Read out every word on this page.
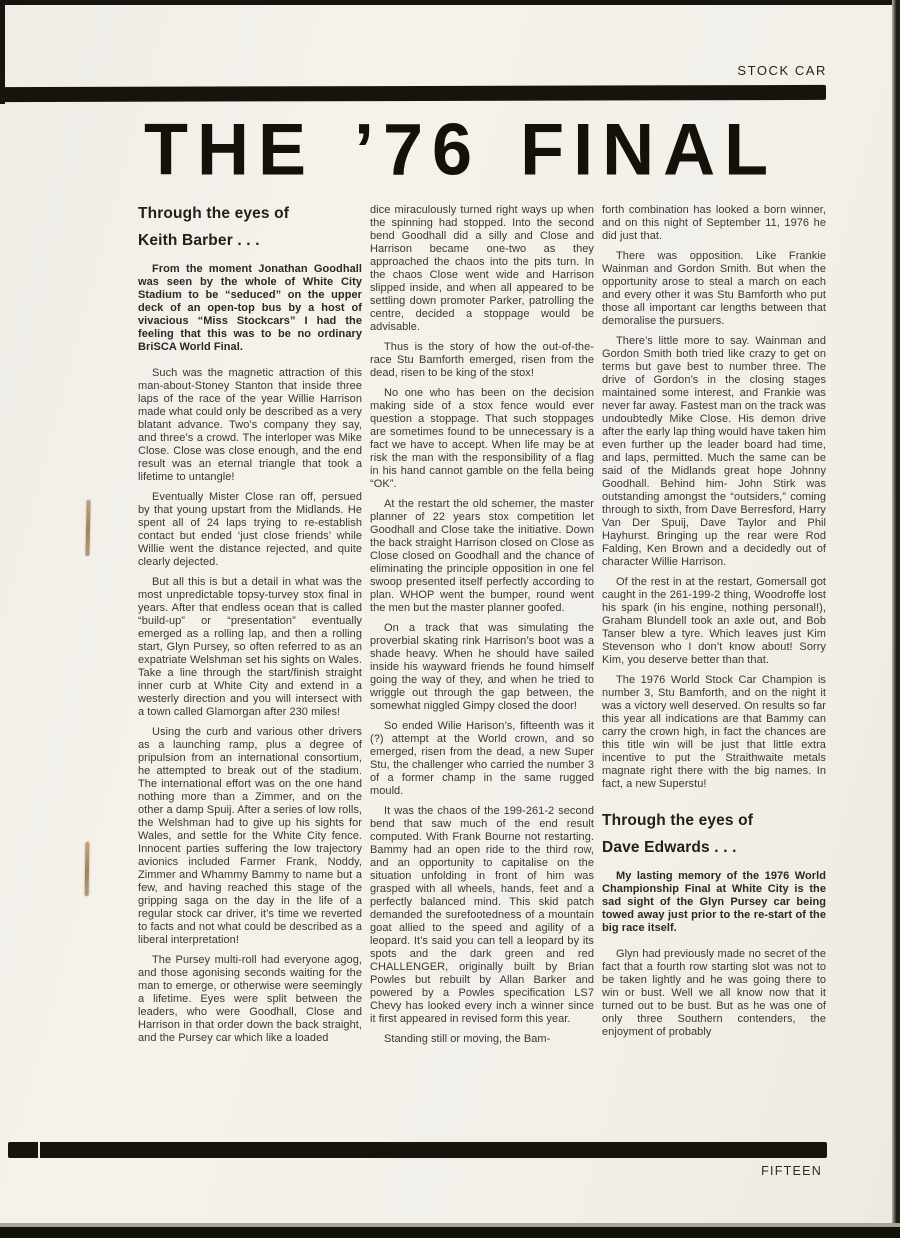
STOCK CAR
THE ’76 FINAL
Through the eyes of
Keith Barber . . .

From the moment Jonathan Goodhall was seen by the whole of White City Stadium to be “seduced” on the upper deck of an open-top bus by a host of vivacious “Miss Stockcars” I had the feeling that this was to be no ordinary BriSCA World Final.

Such was the magnetic attraction of this man-about-Stoney Stanton that inside three laps of the race of the year Willie Harrison made what could only be described as a very blatant advance. Two’s company they say, and three’s a crowd. The interloper was Mike Close. Close was close enough, and the end result was an eternal triangle that took a lifetime to untangle!

Eventually Mister Close ran off, persued by that young upstart from the Midlands. He spent all of 24 laps trying to re-establish contact but ended ‘just close friends’ while Willie went the distance rejected, and quite clearly dejected.

But all this is but a detail in what was the most unpredictable topsy-turvey stox final in years. After that endless ocean that is called “build-up” or “presentation” eventually emerged as a rolling lap, and then a rolling start, Glyn Pursey, so often referred to as an expatriate Welshman set his sights on Wales. Take a line through the start/finish straight inner curb at White City and extend in a westerly direction and you will intersect with a town called Glamorgan after 230 miles!

Using the curb and various other drivers as a launching ramp, plus a degree of pripulsion from an international consortium, he attempted to break out of the stadium. The international effort was on the one hand nothing more than a Zimmer, and on the other a damp Spuij. After a series of low rolls, the Welshman had to give up his sights for Wales, and settle for the White City fence. Innocent parties suffering the low trajectory avionics included Farmer Frank, Noddy, Zimmer and Whammy Bammy to name but a few, and having reached this stage of the gripping saga on the day in the life of a regular stock car driver, it’s time we reverted to facts and not what could be described as a liberal interpretation!

The Pursey multi-roll had everyone agog, and those agonising seconds waiting for the man to emerge, or otherwise were seemingly a lifetime. Eyes were split between the leaders, who were Goodhall, Close and Harrison in that order down the back straight, and the Pursey car which like a loaded

dice miraculously turned right ways up when the spinning had stopped. Into the second bend Goodhall did a silly and Close and Harrison became one-two as they approached the chaos into the pits turn. In the chaos Close went wide and Harrison slipped inside, and when all appeared to be settling down promoter Parker, patrolling the centre, decided a stoppage would be advisable.

Thus is the story of how the out-of-the-race Stu Bamforth emerged, risen from the dead, risen to be king of the stox!

No one who has been on the decision making side of a stox fence would ever question a stoppage. That such stoppages are sometimes found to be unnecessary is a fact we have to accept. When life may be at risk the man with the responsibility of a flag in his hand cannot gamble on the fella being “OK”.

At the restart the old schemer, the master planner of 22 years stox competition let Goodhall and Close take the initiative. Down the back straight Harrison closed on Close as Close closed on Goodhall and the chance of eliminating the principle opposition in one fel swoop presented itself perfectly according to plan. WHOP went the bumper, round went the men but the master planner goofed.

On a track that was simulating the proverbial skating rink Harrison’s boot was a shade heavy. When he should have sailed inside his wayward friends he found himself going the way of they, and when he tried to wriggle out through the gap between, the somewhat niggled Gimpy closed the door!

So ended Wilie Harison’s, fifteenth was it (?) attempt at the World crown, and so emerged, risen from the dead, a new Super Stu, the challenger who carried the number 3 of a former champ in the same rugged mould.

It was the chaos of the 199-261-2 second bend that saw much of the end result computed. With Frank Bourne not restarting. Bammy had an open ride to the third row, and an opportunity to capitalise on the situation unfolding in front of him was grasped with all wheels, hands, feet and a perfectly balanced mind. This skid patch demanded the surefootedness of a mountain goat allied to the speed and agility of a leopard. It’s said you can tell a leopard by its spots and the dark green and red CHALLENGER, originally built by Brian Powles but rebuilt by Allan Barker and powered by a Powles specification LS7 Chevy has looked every inch a winner since it first appeared in revised form this year.

Standing still or moving, the Bam-

forth combination has looked a born winner, and on this night of September 11, 1976 he did just that.

There was opposition. Like Frankie Wainman and Gordon Smith. But when the opportunity arose to steal a march on each and every other it was Stu Bamforth who put those all important car lengths between that demoralise the pursuers.

There’s little more to say. Wainman and Gordon Smith both tried like crazy to get on terms but gave best to number three. The drive of Gordon’s in the closing stages maintained some interest, and Frankie was never far away. Fastest man on the track was undoubtedly Mike Close. His demon drive after the early lap thing would have taken him even further up the leader board had time, and laps, permitted. Much the same can be said of the Midlands great hope Johnny Goodhall. Behind him- John Stirk was outstanding amongst the “outsiders,” coming through to sixth, from Dave Berresford, Harry Van Der Spuij, Dave Taylor and Phil Hayhurst. Bringing up the rear were Rod Falding, Ken Brown and a decidedly out of character Willie Harrison.

Of the rest in at the restart, Gomersall got caught in the 261-199-2 thing, Woodroffe lost his spark (in his engine, nothing personal!), Graham Blundell took an axle out, and Bob Tanser blew a tyre. Which leaves just Kim Stevenson who I don’t know about! Sorry Kim, you deserve better than that.

The 1976 World Stock Car Champion is number 3, Stu Bamforth, and on the night it was a victory well deserved. On results so far this year all indications are that Bammy can carry the crown high, in fact the chances are this title win will be just that little extra incentive to put the Straithwaite metals magnate right there with the big names. In fact, a new Superstu!

Through the eyes of
Dave Edwards . . .

My lasting memory of the 1976 World Championship Final at White City is the sad sight of the Glyn Pursey car being towed away just prior to the re-start of the big race itself.

Glyn had previously made no secret of the fact that a fourth row starting slot was not to be taken lightly and he was going there to win or bust. Well we all know now that it turned out to be bust. But as he was one of only three Southern contenders, the enjoyment of probably

FIFTEEN
